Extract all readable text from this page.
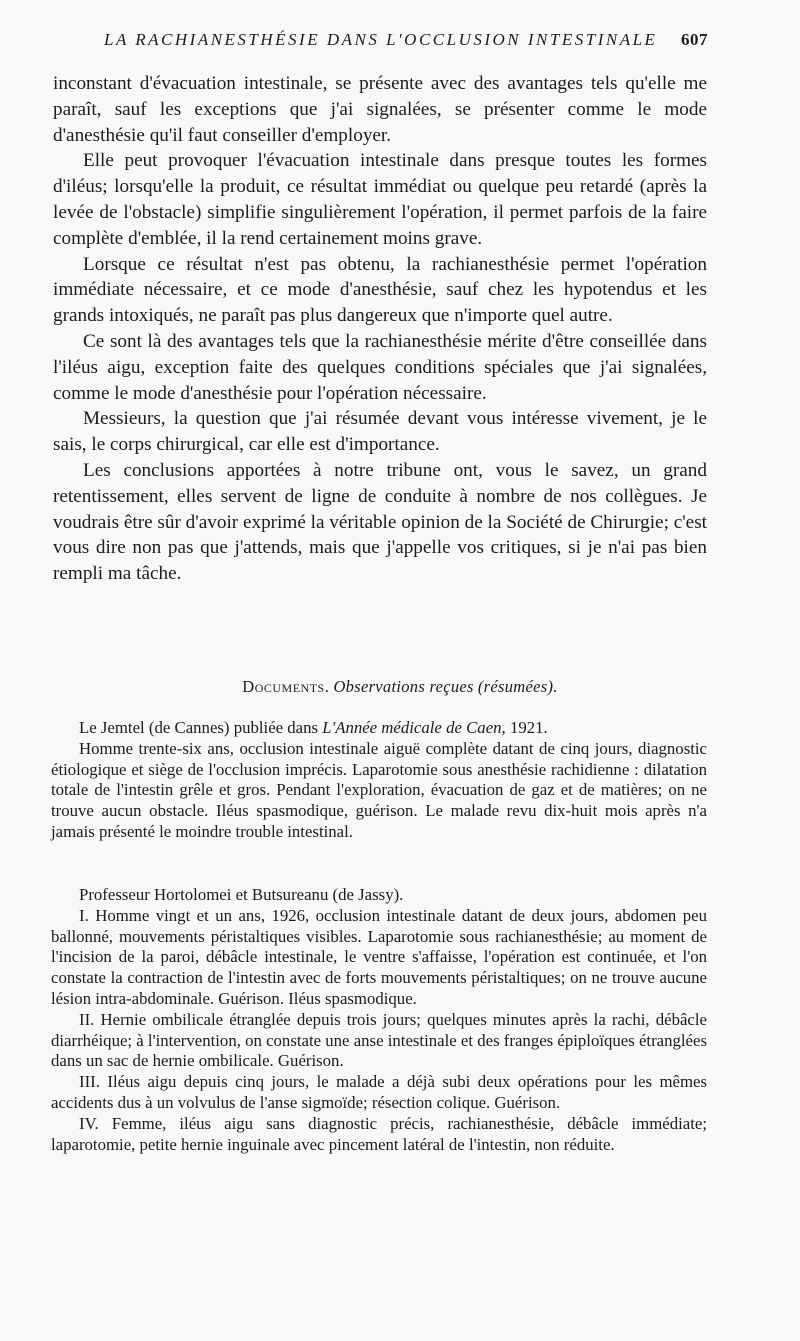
LA RACHIANESTHÉSIE DANS L'OCCLUSION INTESTINALE 607

inconstant d'évacuation intestinale, se présente avec des avantages tels qu'elle me paraît, sauf les exceptions que j'ai signalées, se présenter comme le mode d'anesthésie qu'il faut conseiller d'employer.

Elle peut provoquer l'évacuation intestinale dans presque toutes les formes d'iléus; lorsqu'elle la produit, ce résultat immédiat ou quelque peu retardé (après la levée de l'obstacle) simplifie singulièrement l'opération, il permet parfois de la faire complète d'emblée, il la rend certainement moins grave.

Lorsque ce résultat n'est pas obtenu, la rachianesthésie permet l'opération immédiate nécessaire, et ce mode d'anesthésie, sauf chez les hypotendus et les grands intoxiqués, ne paraît pas plus dangereux que n'importe quel autre.

Ce sont là des avantages tels que la rachianesthésie mérite d'être conseillée dans l'iléus aigu, exception faite des quelques conditions spéciales que j'ai signalées, comme le mode d'anesthésie pour l'opération nécessaire.

Messieurs, la question que j'ai résumée devant vous intéresse vivement, je le sais, le corps chirurgical, car elle est d'importance.

Les conclusions apportées à notre tribune ont, vous le savez, un grand retentissement, elles servent de ligne de conduite à nombre de nos collègues. Je voudrais être sûr d'avoir exprimé la véritable opinion de la Société de Chirurgie; c'est vous dire non pas que j'attends, mais que j'appelle vos critiques, si je n'ai pas bien rempli ma tâche.

Documents. Observations reçues (résumées).

Le Jemtel (de Cannes) publiée dans L'Année médicale de Caen, 1921.

Homme trente-six ans, occlusion intestinale aiguë complète datant de cinq jours, diagnostic étiologique et siège de l'occlusion imprécis. Laparotomie sous anesthésie rachidienne : dilatation totale de l'intestin grêle et gros. Pendant l'exploration, évacuation de gaz et de matières; on ne trouve aucun obstacle. Iléus spasmodique, guérison. Le malade revu dix-huit mois après n'a jamais présenté le moindre trouble intestinal.

Professeur Hortolomei et Butsureanu (de Jassy).

I. Homme vingt et un ans, 1926, occlusion intestinale datant de deux jours, abdomen peu ballonné, mouvements péristaltiques visibles. Laparotomie sous rachianesthésie; au moment de l'incision de la paroi, débâcle intestinale, le ventre s'affaisse, l'opération est continuée, et l'on constate la contraction de l'intestin avec de forts mouvements péristaltiques; on ne trouve aucune lésion intra-abdominale. Guérison. Iléus spasmodique.

II. Hernie ombilicale étranglée depuis trois jours; quelques minutes après la rachi, débâcle diarrhéique; à l'intervention, on constate une anse intestinale et des franges épiploïques étranglées dans un sac de hernie ombilicale. Guérison.

III. Iléus aigu depuis cinq jours, le malade a déjà subi deux opérations pour les mêmes accidents dus à un volvulus de l'anse sigmoïde; résection colique. Guérison.

IV. Femme, iléus aigu sans diagnostic précis, rachianesthésie, débâcle immédiate; laparotomie, petite hernie inguinale avec pincement latéral de l'intestin, non réduite.
